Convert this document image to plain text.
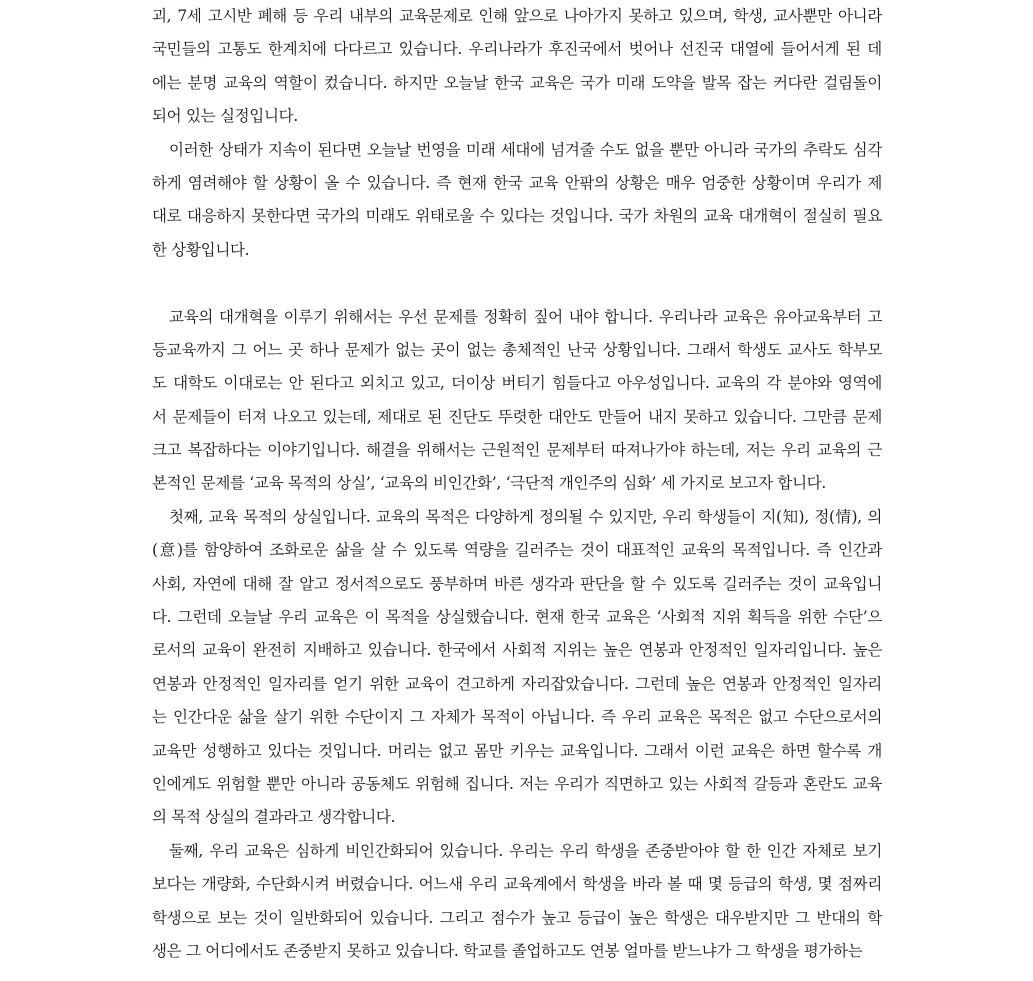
괴, 7세 고시반 폐해 등 우리 내부의 교육문제로 인해 앞으로 나아가지 못하고 있으며, 학생, 교사뿐만 아니라
국민들의 고통도 한계치에 다다르고 있습니다. 우리나라가 후진국에서 벗어나 선진국 대열에 들어서게 된 데
에는 분명 교육의 역할이 컸습니다. 하지만 오늘날 한국 교육은 국가 미래 도약을 발목 잡는 커다란 걸림돌이
되어 있는 실정입니다.
이러한 상태가 지속이 된다면 오늘날 번영을 미래 세대에 넘겨줄 수도 없을 뿐만 아니라 국가의 추락도 심각
하게 염려해야 할 상황이 올 수 있습니다. 즉 현재 한국 교육 안팎의 상황은 매우 엄중한 상황이며 우리가 제
대로 대응하지 못한다면 국가의 미래도 위태로울 수 있다는 것입니다. 국가 차원의 교육 대개혁이 절실히 필요
한 상황입니다.
교육의 대개혁을 이루기 위해서는 우선 문제를 정확히 짚어 내야 합니다. 우리나라 교육은 유아교육부터 고
등교육까지 그 어느 곳 하나 문제가 없는 곳이 없는 총체적인 난국 상황입니다. 그래서 학생도 교사도 학부모
도 대학도 이대로는 안 된다고 외치고 있고, 더이상 버티기 힘들다고 아우성입니다. 교육의 각 분야와 영역에
서 문제들이 터져 나오고 있는데, 제대로 된 진단도 뚜렷한 대안도 만들어 내지 못하고 있습니다. 그만큼 문제
크고 복잡하다는 이야기입니다. 해결을 위해서는 근원적인 문제부터 따져나가야 하는데, 저는 우리 교육의 근
본적인 문제를 ‘교육 목적의 상실’, ‘교육의 비인간화’, ‘극단적 개인주의 심화’ 세 가지로 보고자 합니다.
첫째, 교육 목적의 상실입니다. 교육의 목적은 다양하게 정의될 수 있지만, 우리 학생들이 지(知), 정(情), 의
(意)를 함양하여 조화로운 삶을 살 수 있도록 역량을 길러주는 것이 대표적인 교육의 목적입니다. 즉 인간과
사회, 자연에 대해 잘 알고 정서적으로도 풍부하며 바른 생각과 판단을 할 수 있도록 길러주는 것이 교육입니
다. 그런데 오늘날 우리 교육은 이 목적을 상실했습니다. 현재 한국 교육은 ‘사회적 지위 획득을 위한 수단’으
로서의 교육이 완전히 지배하고 있습니다. 한국에서 사회적 지위는 높은 연봉과 안정적인 일자리입니다. 높은
연봉과 안정적인 일자리를 얻기 위한 교육이 견고하게 자리잡았습니다. 그런데 높은 연봉과 안정적인 일자리
는 인간다운 삶을 살기 위한 수단이지 그 자체가 목적이 아닙니다. 즉 우리 교육은 목적은 없고 수단으로서의
교육만 성행하고 있다는 것입니다. 머리는 없고 몸만 키우는 교육입니다. 그래서 이런 교육은 하면 할수록 개
인에게도 위험할 뿐만 아니라 공동체도 위험해 집니다. 저는 우리가 직면하고 있는 사회적 갈등과 혼란도 교육
의 목적 상실의 결과라고 생각합니다.
둘째, 우리 교육은 심하게 비인간화되어 있습니다. 우리는 우리 학생을 존중받아야 할 한 인간 자체로 보기
보다는 개량화, 수단화시켜 버렸습니다. 어느새 우리 교육계에서 학생을 바라 볼 때 몇 등급의 학생, 몇 점짜리
학생으로 보는 것이 일반화되어 있습니다. 그리고 점수가 높고 등급이 높은 학생은 대우받지만 그 반대의 학
생은 그 어디에서도 존중받지 못하고 있습니다. 학교를 졸업하고도 연봉 얼마를 받느냐가 그 학생을 평가하는
